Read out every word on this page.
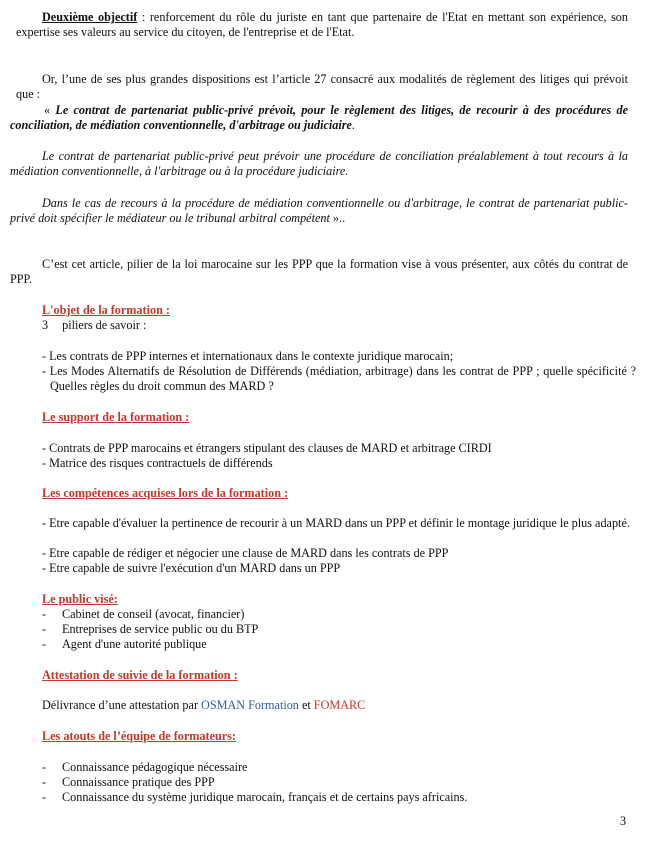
Deuxième objectif : renforcement du rôle du juriste en tant que partenaire de l'Etat en mettant son expérience, son expertise ses valeurs au service du citoyen, de l'entreprise et de l'Etat.

Or, l’une de ses plus grandes dispositions est l’article 27 consacré aux modalités de règlement des litiges qui prévoit que :

« Le contrat de partenariat public-privé prévoit, pour le règlement des litiges, de recourir à des procédures de conciliation, de médiation conventionnelle, d'arbitrage ou judiciaire.

Le contrat de partenariat public-privé peut prévoir une procédure de conciliation préalablement à tout recours à la médiation conventionnelle, à l'arbitrage ou à la procédure judiciaire.

Dans le cas de recours à la procédure de médiation conventionnelle ou d'arbitrage, le contrat de partenariat public-privé doit spécifier le médiateur ou le tribunal arbitral compétent »..

C’est cet article, pilier de la loi marocaine sur les PPP que la formation vise à vous présenter, aux côtés du contrat de PPP.

L'objet de la formation :

3 piliers de savoir :

- Les contrats de PPP internes et internationaux dans le contexte juridique marocain;

- Les Modes Alternatifs de Résolution de Différends (médiation, arbitrage) dans les contrat de PPP ; quelle spécificité ? Quelles règles du droit commun des MARD ?

Le support de la formation :

- Contrats de PPP marocains et étrangers stipulant des clauses de MARD et arbitrage CIRDI

- Matrice des risques contractuels de différends

Les compétences acquises lors de la formation :

- Etre capable d'évaluer la pertinence de recourir à un MARD dans un PPP et définir le montage juridique le plus adapté.

- Etre capable de rédiger et négocier une clause de MARD dans les contrats de PPP

- Etre capable de suivre l'exécution d'un MARD dans un PPP

Le public visé:

- Cabinet de conseil (avocat, financier)

- Entreprises de service public ou du BTP

- Agent d'une autorité publique

Attestation de suivie de la formation :

Délivrance d’une attestation par OSMAN Formation et FOMARC

Les atouts de l’équipe de formateurs:

- Connaissance pédagogique nécessaire

- Connaissance pratique des PPP

- Connaissance du système juridique marocain, français et de certains pays africains.

3
